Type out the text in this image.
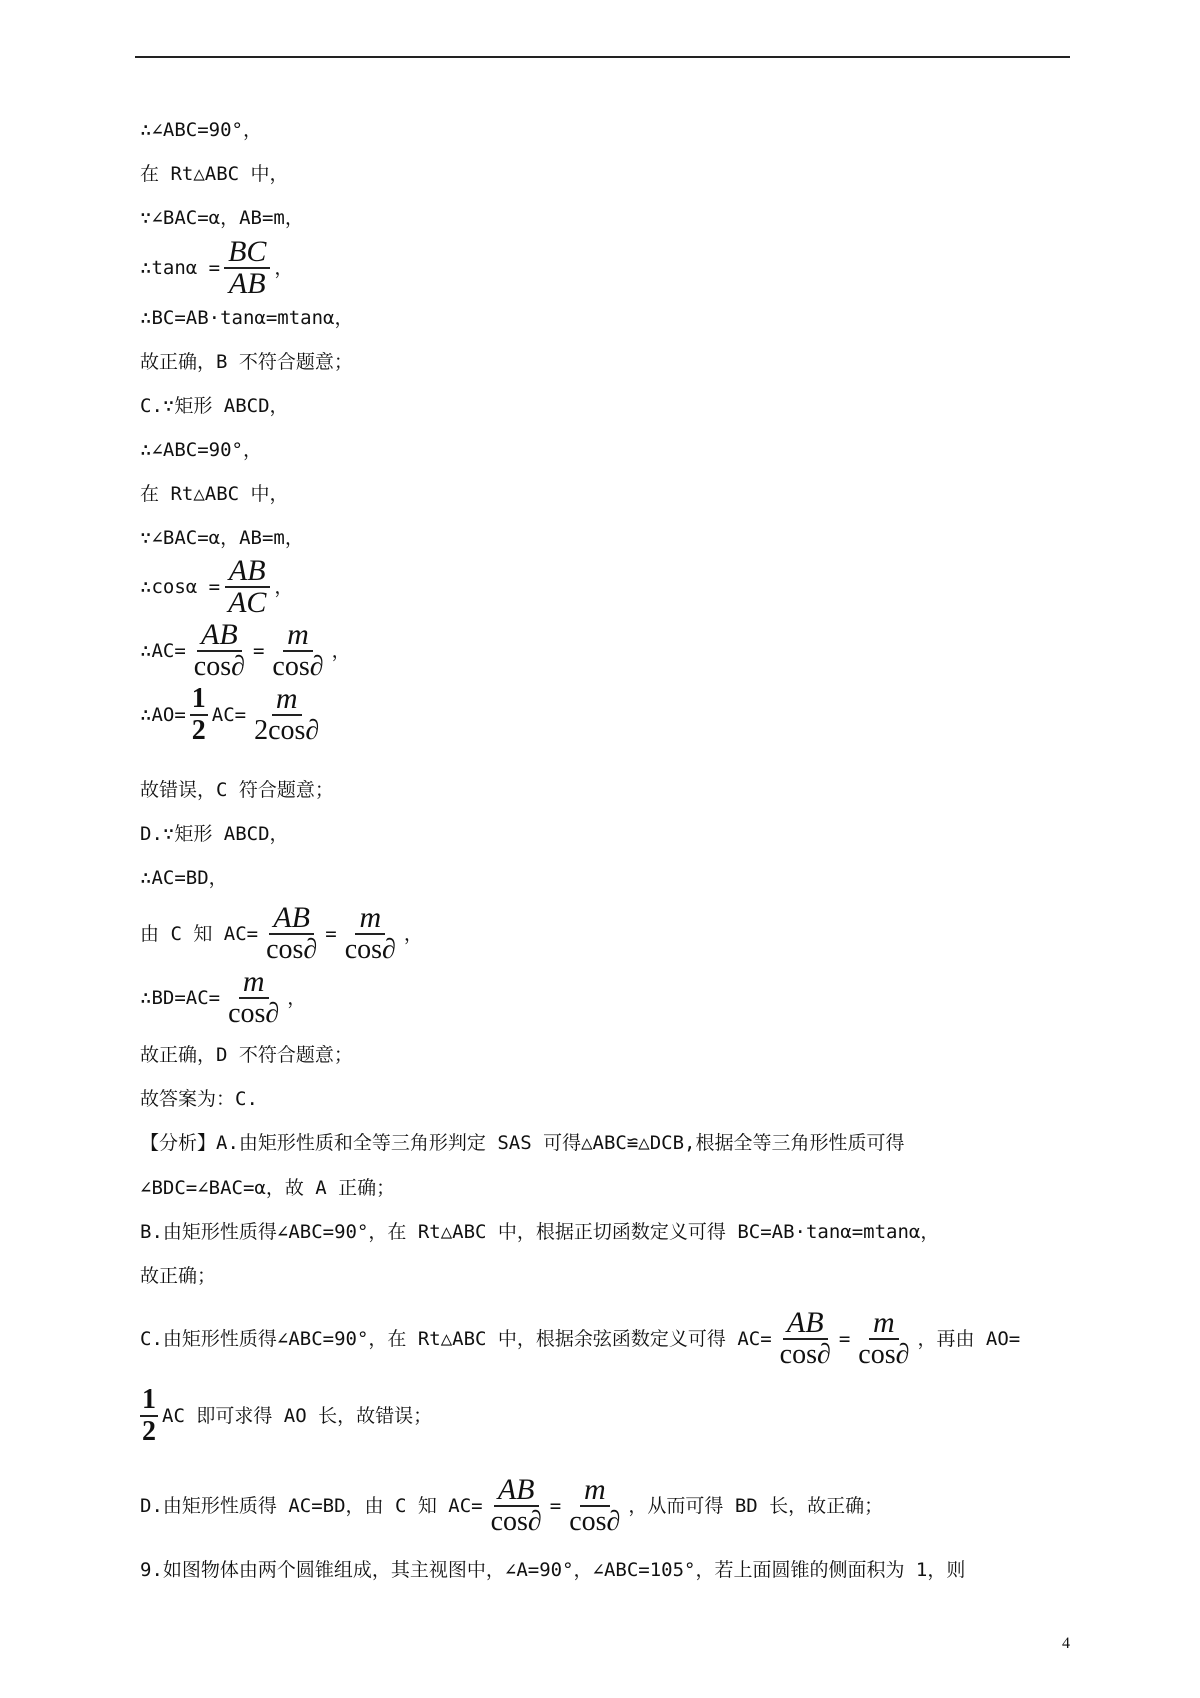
∴∠ABC=90°，
在 Rt△ABC 中，
∵∠BAC=α，AB=m，
∴tanα = $\frac{BC}{AB}$ ，
∴BC=AB·tanα=mtanα，
故正确，B 不符合题意；
C.∵矩形 ABCD，
∴∠ABC=90°，
在 Rt△ABC 中，
∵∠BAC=α，AB=m，
∴cosα = $\frac{AB}{AC}$ ，
∴AC= $\frac{AB}{\cos\partial} = \frac{m}{\cos\partial}$ ，
∴AO= $\frac{1}{2} AC= \frac{m}{2\cos\partial}$
故错误，C 符合题意；
D.∵矩形 ABCD，
∴AC=BD，
由 C 知 $AC= \frac{AB}{\cos\partial} = \frac{m}{\cos\partial}$ ，
∴BD=AC= $\frac{m}{\cos\partial}$ ，
故正确，D 不符合题意；
故答案为：C.
【分析】A.由矩形性质和全等三角形判定 SAS 可得△ABC≌△DCB,根据全等三角形性质可得
∠BDC=∠BAC=α，故 A 正确；
B.由矩形性质得∠ABC=90°，在 Rt△ABC 中，根据正切函数定义可得 BC=AB·tanα=mtanα，
故正确；
C.由矩形性质得∠ABC=90°，在 Rt△ABC 中，根据余弦函数定义可得 $AC= \frac{AB}{\cos\partial} = \frac{m}{\cos\partial}$ ，再由 AO=
$\frac{1}{2}$ AC 即可求得 AO 长，故错误；
D.由矩形性质得 AC=BD，由 C 知 $AC= \frac{AB}{\cos\partial} = \frac{m}{\cos\partial}$ ，从而可得 BD 长，故正确；
9.如图物体由两个圆锥组成，其主视图中，∠A=90°，∠ABC=105°，若上面圆锥的侧面积为 1，则
4
